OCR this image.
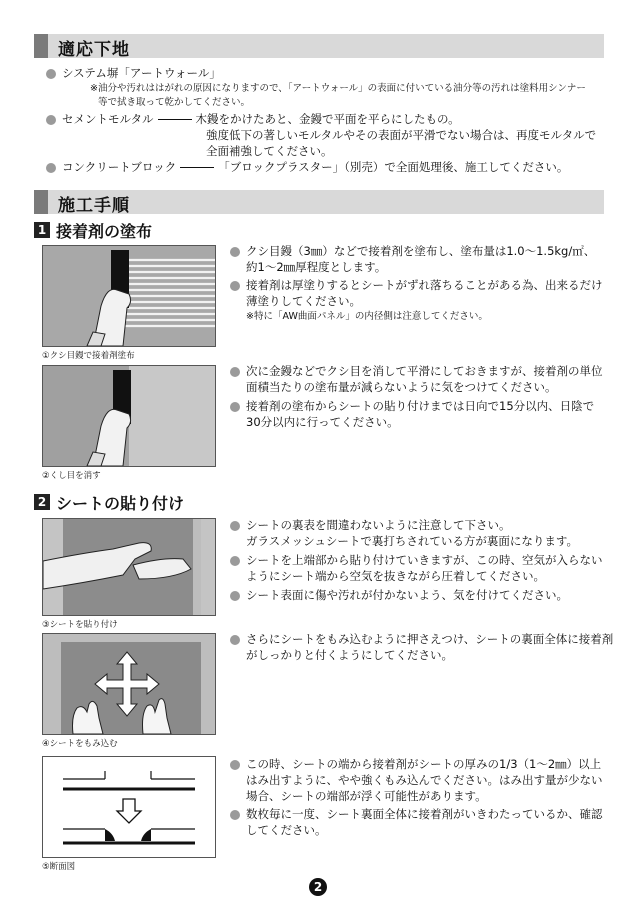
適応下地
システム塀「アートウォール」
※油分や汚れははがれの原因になりますので、「アートウォール」の表面に付いている油分等の汚れは塗料用シンナー
等で拭き取って乾かしてください。
セメントモルタル	木鏝をかけたあと、金鏝で平面を平らにしたもの。
強度低下の著しいモルタルやその表面が平滑でない場合は、再度モルタルで
全面補強してください。
コンクリートブロック	「ブロックプラスター」（別売）で全面処理後、施工してください。
施工手順
1 接着剤の塗布
①クシ目鏝で接着剤塗布
クシ目鏝（3㎜）などで接着剤を塗布し、塗布量は1.0～1.5kg/㎡、
約1～2㎜厚程度とします。
接着剤は厚塗りするとシートがずれ落ちることがある為、出来るだけ
薄塗りしてください。
※特に「AW曲面パネル」の内径側は注意してください。
②くし目を消す
次に金鏝などでクシ目を消して平滑にしておきますが、接着剤の単位
面積当たりの塗布量が減らないように気をつけてください。
接着剤の塗布からシートの貼り付けまでは日向で15分以内、日陰で
30分以内に行ってください。
2 シートの貼り付け
③シートを貼り付け
シートの裏表を間違わないように注意して下さい。
ガラスメッシュシートで裏打ちされている方が裏面になります。
シートを上端部から貼り付けていきますが、この時、空気が入らない
ようにシート端から空気を抜きながら圧着してください。
シート表面に傷や汚れが付かないよう、気を付けてください。
④シートをもみ込む
さらにシートをもみ込むように押さえつけ、シートの裏面全体に接着剤
がしっかりと付くようにしてください。
⑤断面図
この時、シートの端から接着剤がシートの厚みの1/3（1～2㎜）以上
はみ出すように、やや強くもみ込んでください。はみ出す量が少ない
場合、シートの端部が浮く可能性があります。
数枚毎に一度、シート裏面全体に接着剤がいきわたっているか、確認
してください。
2
